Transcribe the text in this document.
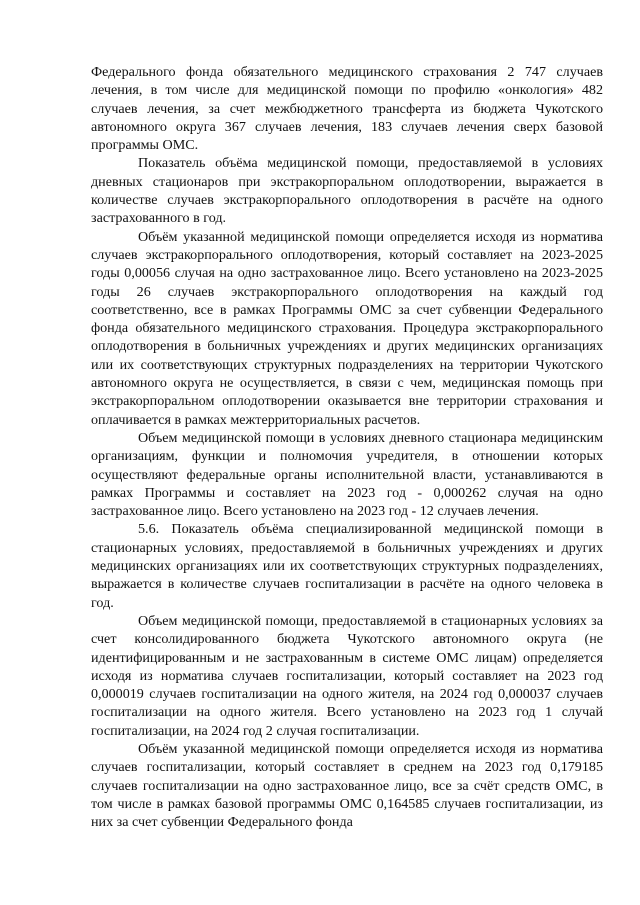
Федерального фонда обязательного медицинского страхования 2 747 случаев лечения, в том числе для медицинской помощи по профилю «онкология» 482 случаев лечения, за счет межбюджетного трансферта из бюджета Чукотского автономного округа 367 случаев лечения, 183 случаев лечения сверх базовой программы ОМС.

Показатель объёма медицинской помощи, предоставляемой в условиях дневных стационаров при экстракорпоральном оплодотворении, выражается в количестве случаев экстракорпорального оплодотворения в расчёте на одного застрахованного в год.

Объём указанной медицинской помощи определяется исходя из норматива случаев экстракорпорального оплодотворения, который составляет на 2023-2025 годы 0,00056 случая на одно застрахованное лицо. Всего установлено на 2023-2025 годы 26 случаев экстракорпорального оплодотворения на каждый год соответственно, все в рамках Программы ОМС за счет субвенции Федерального фонда обязательного медицинского страхования. Процедура экстракорпорального оплодотворения в больничных учреждениях и других медицинских организациях или их соответствующих структурных подразделениях на территории Чукотского автономного округа не осуществляется, в связи с чем, медицинская помощь при экстракорпоральном оплодотворении оказывается вне территории страхования и оплачивается в рамках межтерриториальных расчетов.

Объем медицинской помощи в условиях дневного стационара медицинским организациям, функции и полномочия учредителя, в отношении которых осуществляют федеральные органы исполнительной власти, устанавливаются в рамках Программы и составляет на 2023 год - 0,000262 случая на одно застрахованное лицо. Всего установлено на 2023 год - 12 случаев лечения.

5.6. Показатель объёма специализированной медицинской помощи в стационарных условиях, предоставляемой в больничных учреждениях и других медицинских организациях или их соответствующих структурных подразделениях, выражается в количестве случаев госпитализации в расчёте на одного человека в год.

Объем медицинской помощи, предоставляемой в стационарных условиях за счет консолидированного бюджета Чукотского автономного округа (не идентифицированным и не застрахованным в системе ОМС лицам) определяется исходя из норматива случаев госпитализации, который составляет на 2023 год 0,000019 случаев госпитализации на одного жителя, на 2024 год 0,000037 случаев госпитализации на одного жителя. Всего установлено на 2023 год 1 случай госпитализации, на 2024 год 2 случая госпитализации.

Объём указанной медицинской помощи определяется исходя из норматива случаев госпитализации, который составляет в среднем на 2023 год 0,179185 случаев госпитализации на одно застрахованное лицо, все за счёт средств ОМС, в том числе в рамках базовой программы ОМС 0,164585 случаев госпитализации, из них за счет субвенции Федерального фонда
